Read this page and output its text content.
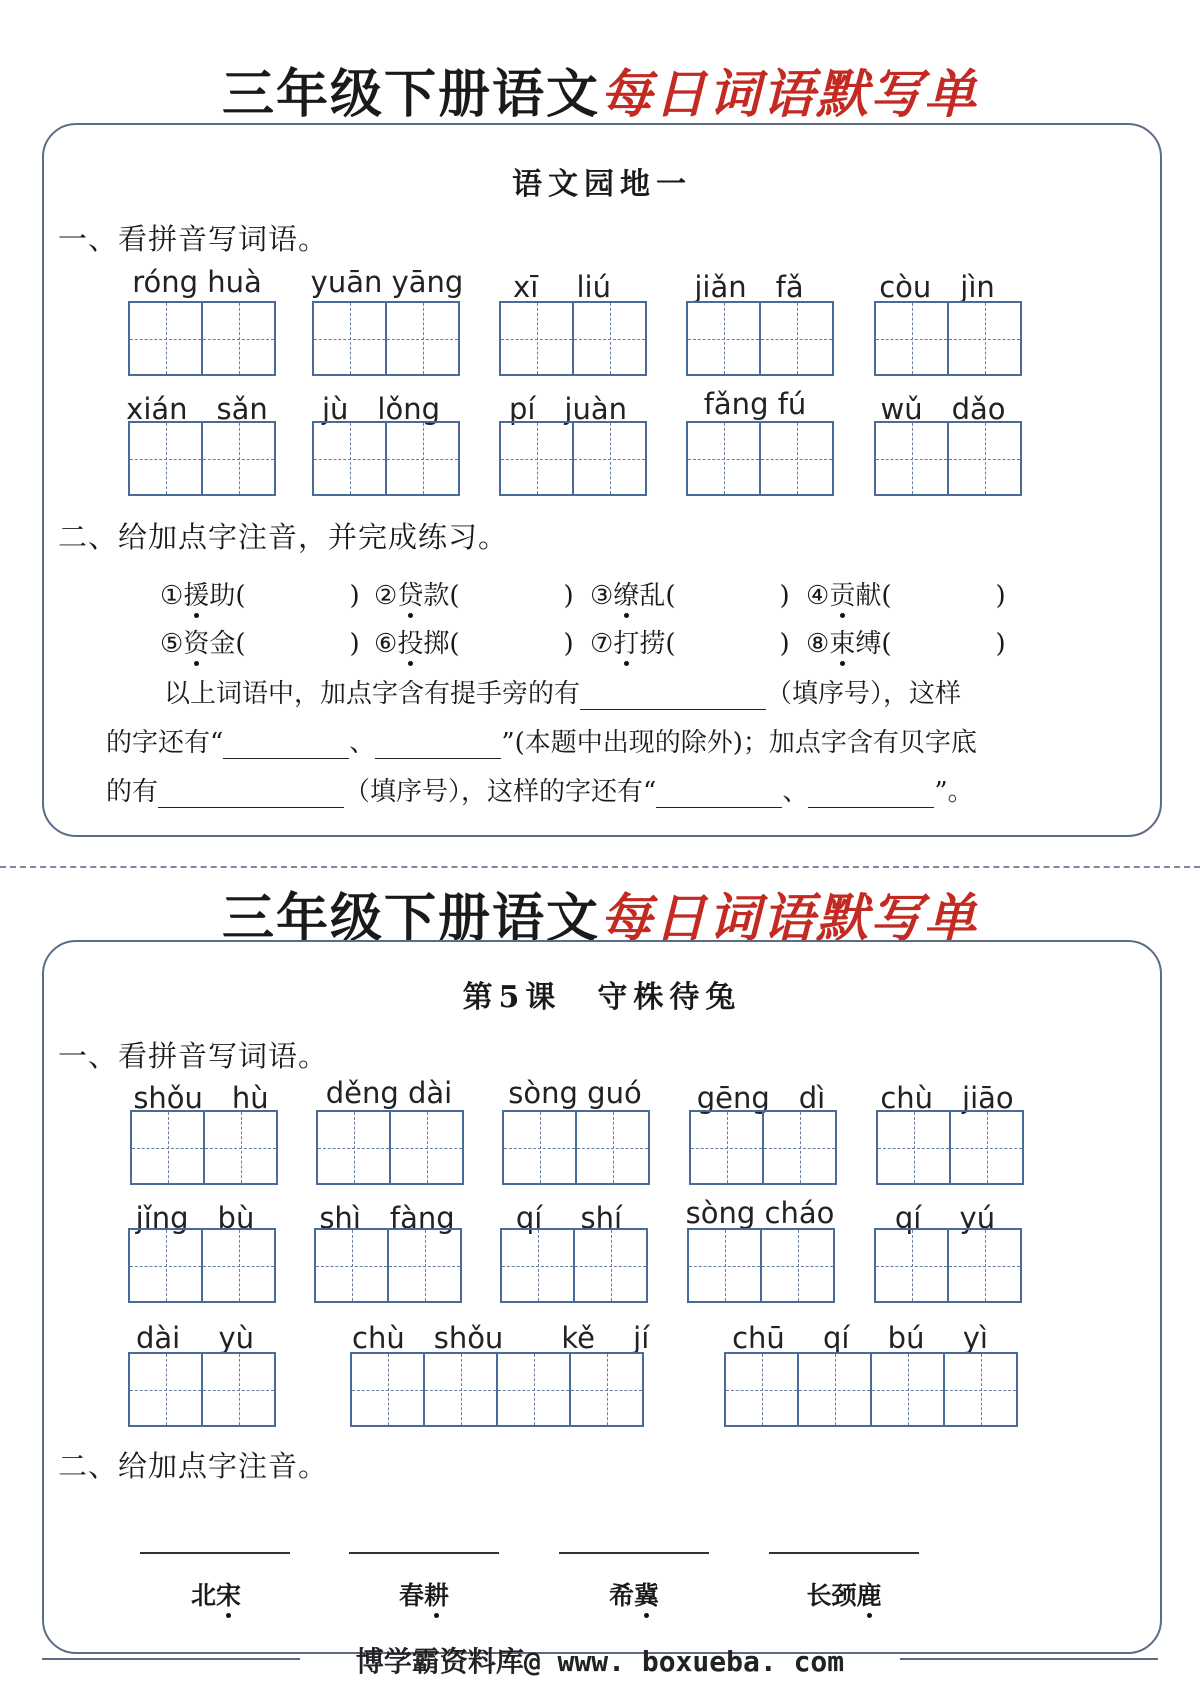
三年级下册语文每日词语默写单
语文园地一
一、看拼音写词语。
róng huà	yuān yāng	xī　 liú	jiǎn　fǎ	còu　jìn
xián　sǎn	jù　lǒng	pí　juàn	fǎng fú	wǔ　dǎo
二、给加点字注音，并完成练习。
①援助(　　　　) ②贷款(　　　　) ③缭乱(　　　　) ④贡献(　　　　)
⑤资金(　　　　) ⑥投掷(　　　　) ⑦打捞(　　　　) ⑧束缚(　　　　)
以上词语中，加点字含有提手旁的有	（填序号），这样
的字还有“	、	”(本题中出现的除外)；加点字含有贝字底
的有	（填序号），这样的字还有“	、	”。
三年级下册语文每日词语默写单
第5课　守株待兔
一、看拼音写词语。
shǒu　hù	děng dài	sòng guó	gēng　dì	chù　jiāo
jǐng　bù	shì　fàng	qí　 shí	sòng cháo	qí　 yú
dài　 yù	chù　shǒu　　kě　 jí	chū　 qí　 bú　 yì
二、给加点字注音。
北宋	春耕	希冀	长颈鹿
博学霸资料库@ www. boxueba. com
